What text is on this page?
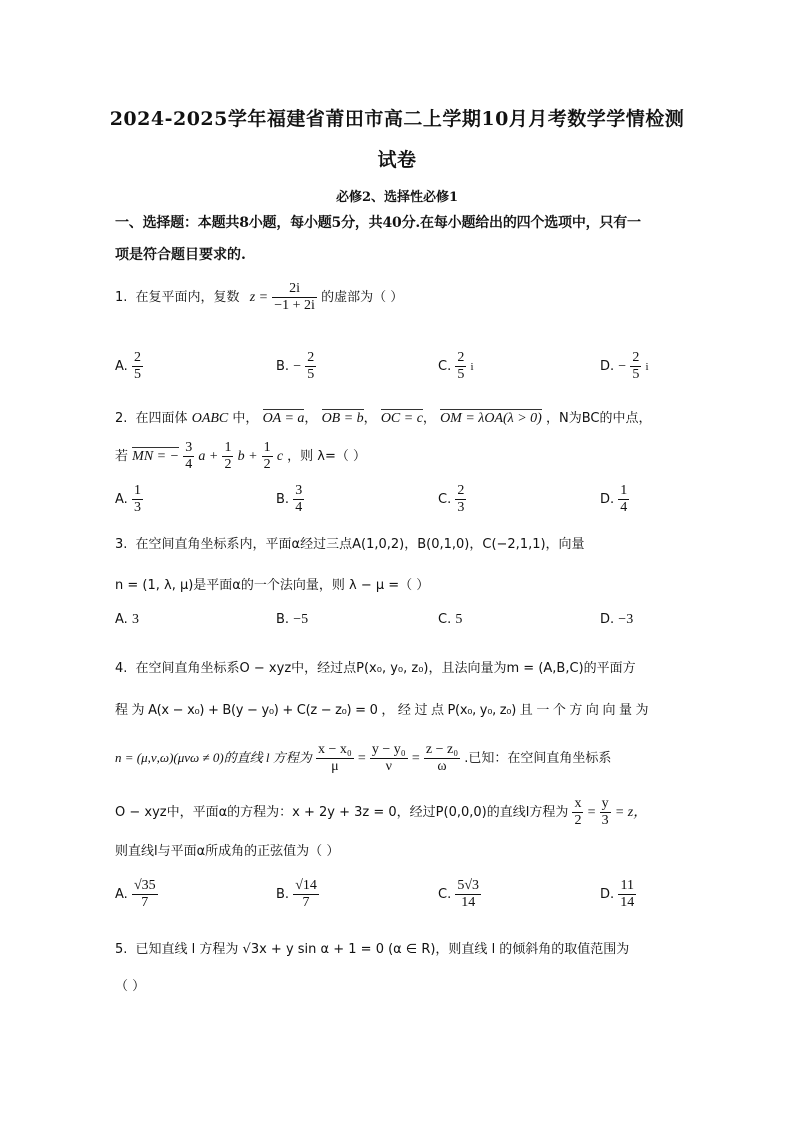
2024-2025学年福建省莆田市高二上学期10月月考数学学情检测
试卷
必修2、选择性必修1
一、选择题：本题共8小题，每小题5分，共40分.在每小题给出的四个选项中，只有一
项是符合题目要求的.
1. 在复平面内，复数 $z = \frac{2i}{-1 + 2i}$ 的虚部为（ ）
A. $\frac{2}{5}$	B. − $\frac{2}{5}$	C. $\frac{2}{5}$ i	D. − $\frac{2}{5}$ i
2. 在四面体 OABC 中， OA = a， OB = b， OC = c， OM = λOA(λ > 0) ，N为BC的中点，
若 MN = − $\frac{3}{4}$ $a + \frac{1}{2}$ $b + \frac{1}{2}$ c ，则 λ=（ ）
A. $\frac{1}{3}$	B. $\frac{3}{4}$	C. $\frac{2}{3}$	D. $\frac{1}{4}$
3. 在空间直角坐标系内，平面α经过三点A(1,0,2)，B(0,1,0)，C(−2,1,1)，向量
n = (1, λ, μ)是平面α的一个法向量，则 λ − μ =（ ）
A. 3	B. −5	C. 5	D. −3
4. 在空间直角坐标系O − xyz中，经过点P(x₀, y₀, z₀)，且法向量为m = (A,B,C)的平面方
程 为 A(x − x₀) + B(y − y₀) + C(z − z₀) = 0 ， 经 过 点 P(x₀, y₀, z₀) 且 一 个 方 向 向 量 为
n = (μ,ν,ω)(μνω ≠ 0)的直线 l 方程为 $\frac{\text{x − x₀}}{\mu} = \frac{\text{y − y₀}}{\nu} = \frac{\text{z − z₀}}{\omega}$ .已知：在空间直角坐标系
O − xyz中，平面α的方程为：x + 2y + 3z = 0，经过P(0,0,0)的直线l方程为 $\frac{x}{2} = \frac{y}{3} = z$，
则直线l与平面α所成角的正弦值为（ ）
A. $\frac{√35}{7}$	B. $\frac{√14}{7}$	C. $\frac{5√3}{14}$	D. $\frac{11}{14}$
5. 已知直线 l 方程为 √3x + y sin α + 1 = 0 (α ∈ R)，则直线 l 的倾斜角的取值范围为
（ ）
